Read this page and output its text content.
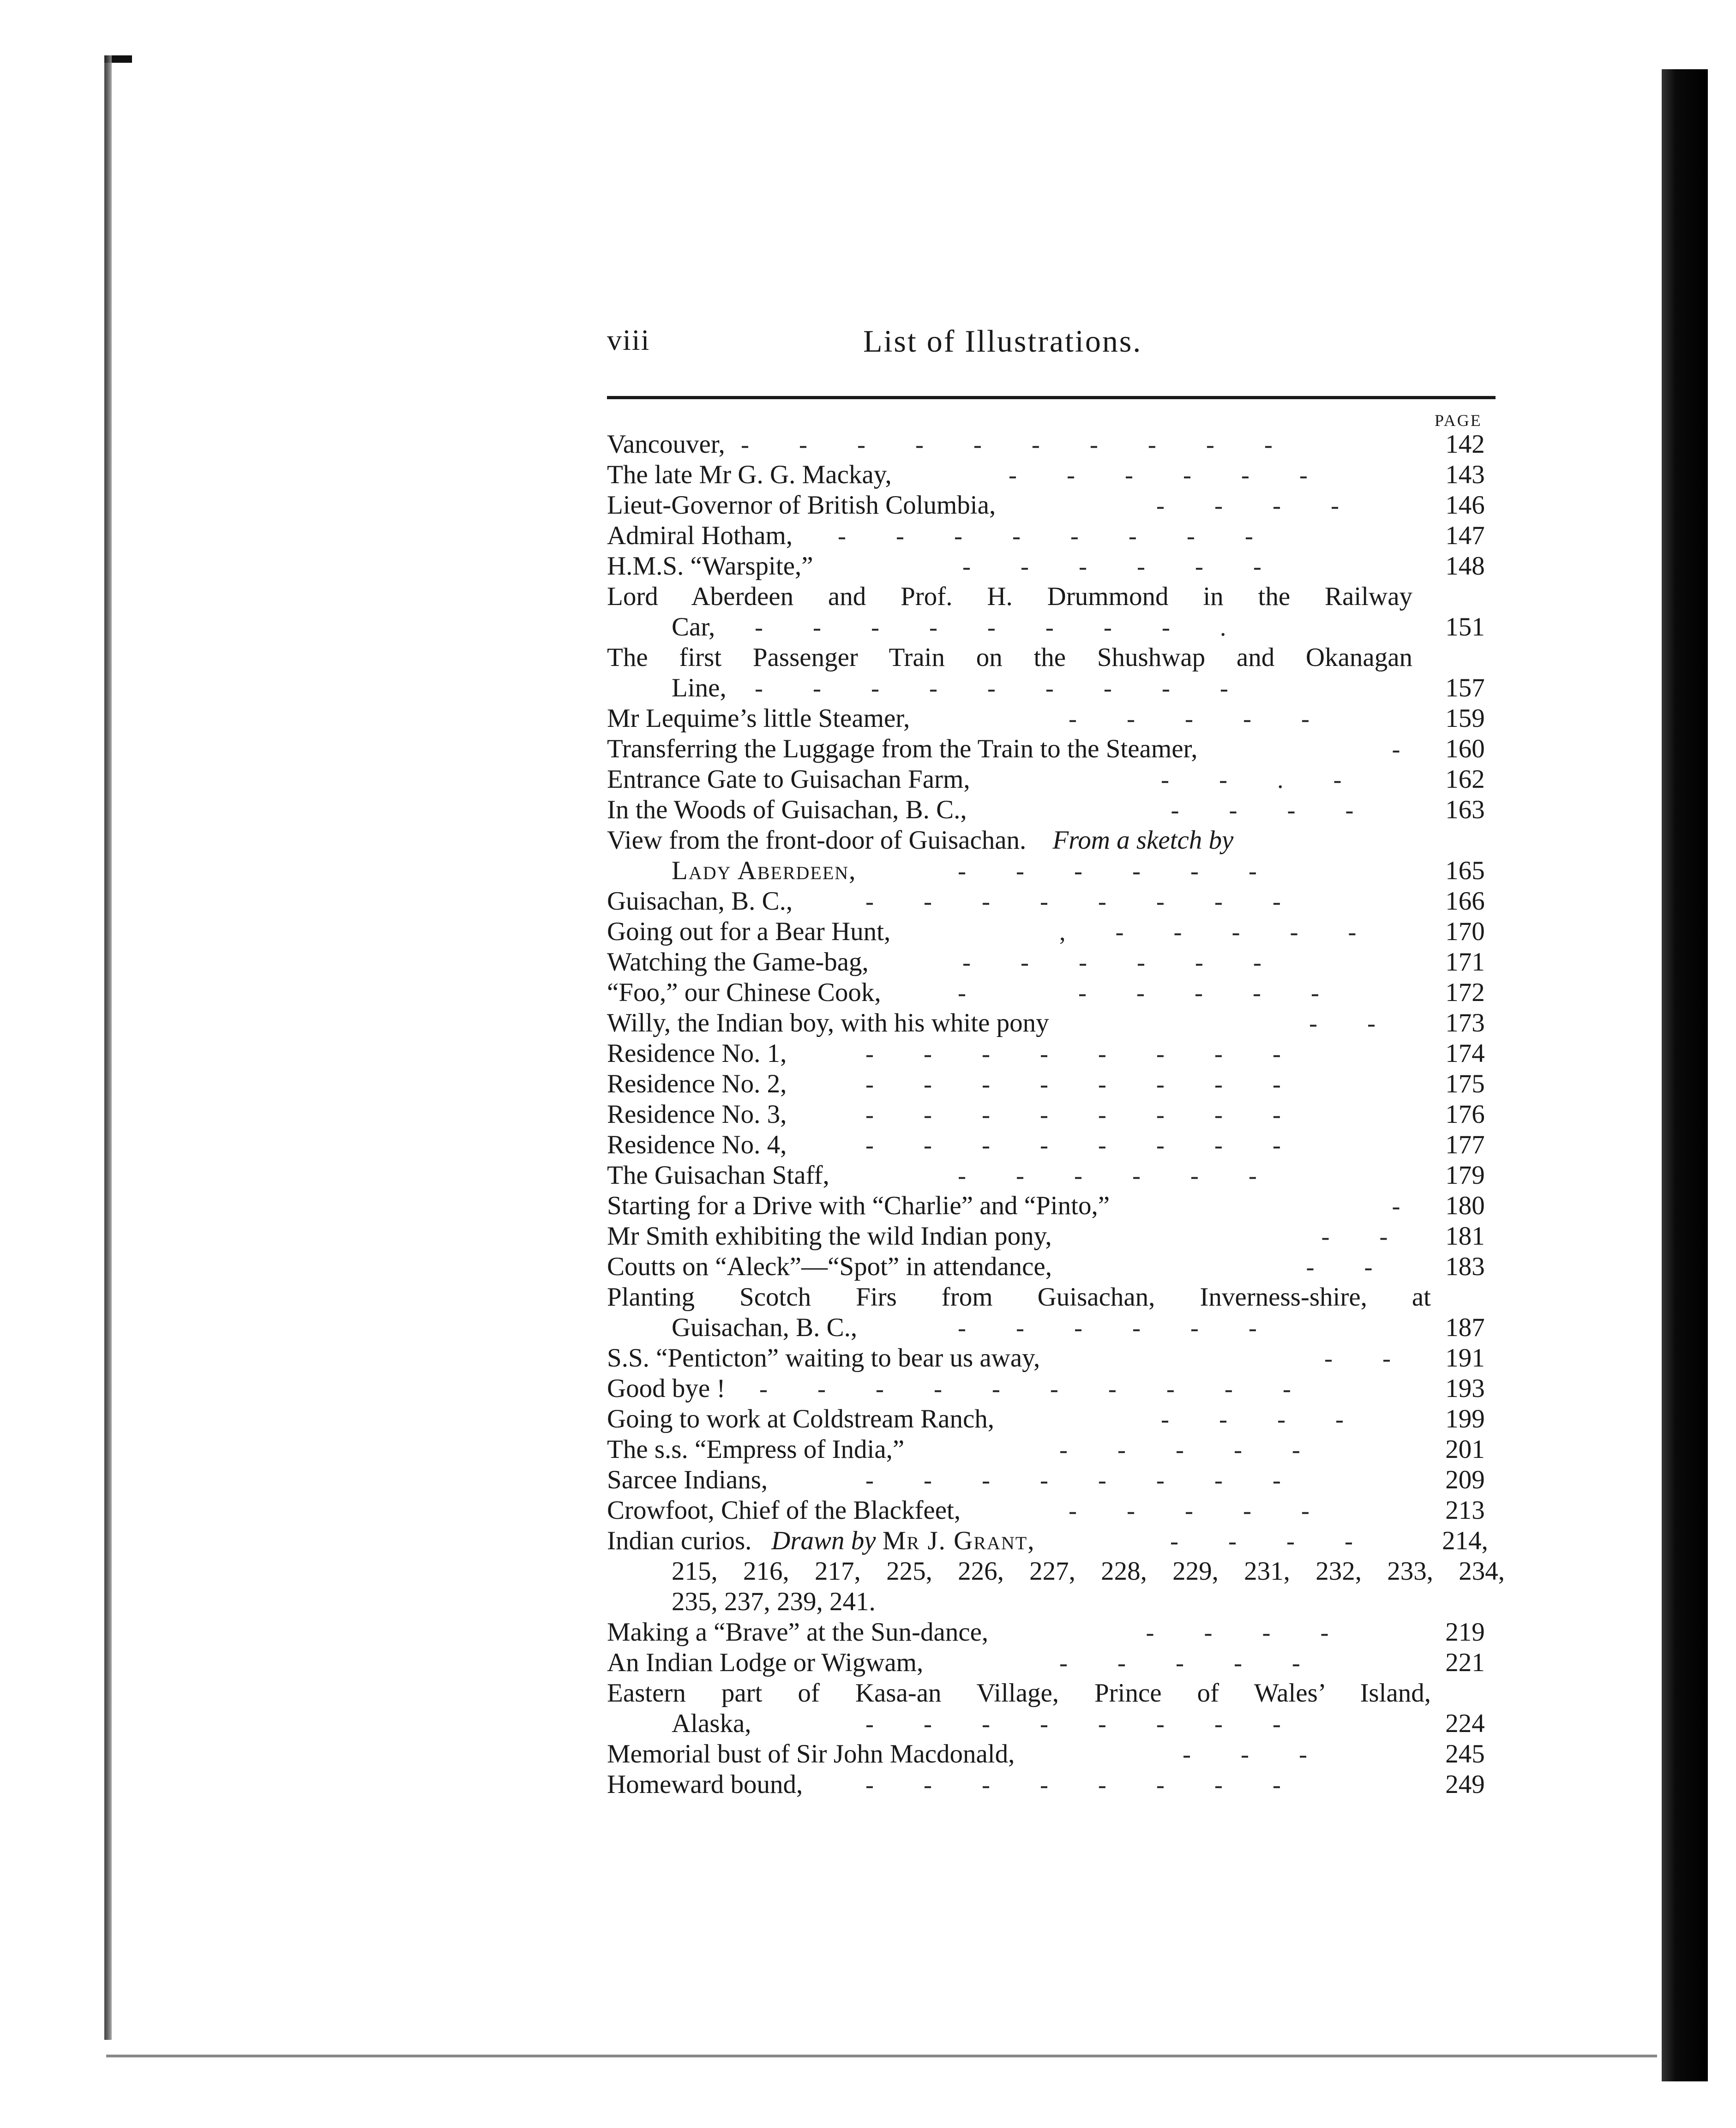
viii	List of Illustrations.
PAGE
Vancouver, -        -        -        -        -        -        -        -        -        -	142
The late Mr G. G. Mackay,	-        -        -        -        -        -	143
Lieut-Governor of British Columbia,	-        -        -        -	146
Admiral Hotham, -        -        -        -        -        -        -        -	147
H.M.S. “Warspite,”	-        -        -        -        -        -	148
Lord Aberdeen and Prof. H. Drummond in the Railway
Car, -        -        -        -        -        -        -        -        .	151
The first Passenger Train on the Shushwap and Okanagan
Line, -        -        -        -        -        -        -        -        -	157
Mr Lequime’s little Steamer,	-        -        -        -        -	159
Transferring the Luggage from the Train to the Steamer,	-	160
Entrance Gate to Guisachan Farm,	-        -        .        -	162
In the Woods of Guisachan, B. C.,	-        -        -        -	163
View from the front-door of Guisachan. From a sketch by
Lady Aberdeen,	-        -        -        -        -        -	165
Guisachan, B. C.,	-        -        -        -        -        -        -        -	166
Going out for a Bear Hunt,	,        -        -        -        -        -	170
Watching the Game-bag,	-        -        -        -        -        -	171
“Foo,” our Chinese Cook,	-                  -        -        -        -        -	172
Willy, the Indian boy, with his white pony	-        -	173
Residence No. 1,	-        -        -        -        -        -        -        -	174
Residence No. 2,	-        -        -        -        -        -        -        -	175
Residence No. 3,	-        -        -        -        -        -        -        -	176
Residence No. 4,	-        -        -        -        -        -        -        -	177
The Guisachan Staff,	-        -        -        -        -        -	179
Starting for a Drive with “Charlie” and “Pinto,”	-	180
Mr Smith exhibiting the wild Indian pony,	-        -	181
Coutts on “Aleck”—“Spot” in attendance,	-        -	183
Planting Scotch Firs from Guisachan, Inverness-shire, at
Guisachan, B. C.,	-        -        -        -        -        -	187
S.S. “Penticton” waiting to bear us away,	-        -	191
Good bye ! -        -        -        -        -        -        -        -        -        -	193
Going to work at Coldstream Ranch,	-        -        -        -	199
The s.s. “Empress of India,”	-        -        -        -        -	201
Sarcee Indians,	-        -        -        -        -        -        -        -	209
Crowfoot, Chief of the Blackfeet,	-        -        -        -        -	213
Indian curios. Drawn by Mr J. Grant,	-        -        -        -	214,
215, 216, 217, 225, 226, 227, 228, 229, 231, 232, 233, 234,
235, 237, 239, 241.
Making a “Brave” at the Sun-dance,	-        -        -        -	219
An Indian Lodge or Wigwam,	-        -        -        -        -	221
Eastern part of Kasa-an Village, Prince of Wales’ Island,
Alaska,	-        -        -        -        -        -        -        -	224
Memorial bust of Sir John Macdonald,	-        -        -	245
Homeward bound,	-        -        -        -        -        -        -        -	249
